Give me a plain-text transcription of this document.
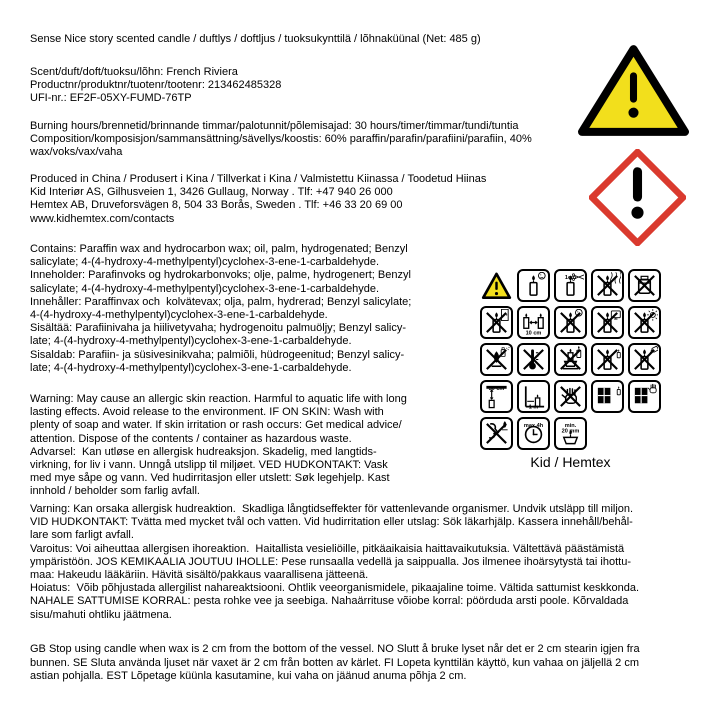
Sense Nice story scented candle / duftlys / doftljus / tuoksukynttilä / lõhnaküünal (Net: 485 g)
Scent/duft/doft/tuoksu/lõhn: French Riviera
Productnr/produktnr/tuotenr/tootenr: 213462485328
UFI-nr.: EF2F-05XY-FUMD-76TP
Burning hours/brennetid/brinnande timmar/palotunnit/põlemisajad: 30 hours/timer/timmar/tundi/tuntia
Composition/komposisjon/sammansättning/sävellys/koostis: 60% paraffin/parafin/parafiini/parafiin, 40%
wax/voks/vax/vaha
Produced in China / Produsert i Kina / Tillverkat i Kina / Valmistettu Kiinassa / Toodetud Hiinas
Kid Interiør AS, Gilhusveien 1, 3426 Gullaug, Norway . Tlf: +47 940 26 000
Hemtex AB, Druveforsvägen 8, 504 33 Borås, Sweden . Tlf: +46 33 20 69 00
www.kidhemtex.com/contacts
Contains: Paraffin wax and hydrocarbon wax; oil, palm, hydrogenated; Benzyl
salicylate; 4-(4-hydroxy-4-methylpentyl)cyclohex-3-ene-1-carbaldehyde.
Inneholder: Parafinvoks og hydrokarbonvoks; olje, palme, hydrogenert; Benzyl
salicylate; 4-(4-hydroxy-4-methylpentyl)cyclohex-3-ene-1-carbaldehyde.
Innehåller: Paraffinvax och  kolvätevax; olja, palm, hydrerad; Benzyl salicylate;
4-(4-hydroxy-4-methylpentyl)cyclohex-3-ene-1-carbaldehyde.
Sisältää: Parafiinivaha ja hiilivetyvaha; hydrogenoitu palmuöljy; Benzyl salicy-
late; 4-(4-hydroxy-4-methylpentyl)cyclohex-3-ene-1-carbaldehyde.
Sisaldab: Parafiin- ja süsivesinikvaha; palmiõli, hüdrogeenitud; Benzyl salicy-
late; 4-(4-hydroxy-4-methylpentyl)cyclohex-3-ene-1-carbaldehyde.
Warning: May cause an allergic skin reaction. Harmful to aquatic life with long
lasting effects. Avoid release to the environment. IF ON SKIN: Wash with
plenty of soap and water. If skin irritation or rash occurs: Get medical advice/
attention. Dispose of the contents / container as hazardous waste.
Advarsel:  Kan utløse en allergisk hudreaksjon. Skadelig, med langtids-
virkning, for liv i vann. Unngå utslipp til miljøet. VED HUDKONTAKT: Vask
med mye såpe og vann. Ved hudirritasjon eller utslett: Søk legehjelp. Kast
innhold / beholder som farlig avfall.
Varning: Kan orsaka allergisk hudreaktion.  Skadliga långtidseffekter för vattenlevande organismer. Undvik utsläpp till miljon.
VID HUDKONTAKT: Tvätta med mycket tvål och vatten. Vid hudirritation eller utslag: Sök läkarhjälp. Kassera innehåll/behål-
lare som farligt avfall.
Varoitus: Voi aiheuttaa allergisen ihoreaktion.  Haitallista vesieliöille, pitkäaikaisia haittavaikutuksia. Vältettävä päästämistä
ympäristöön. JOS KEMIKAALIA JOUTUU IHOLLE: Pese runsaalla vedellä ja saippualla. Jos ilmenee ihoärsytystä tai ihottu-
maa: Hakeudu lääkäriin. Hävitä sisältö/pakkaus vaarallisena jätteenä.
Hoiatus:  Võib põhjustada allergilist nahareaktsiooni. Ohtlik veeorganismidele, pikaajaline toime. Vältida sattumist keskkonda.
NAHALE SATTUMISE KORRAL: pesta rohke vee ja seebiga. Nahaärrituse võiobe korral: pöörduda arsti poole. Kõrvaldada
sisu/mahuti ohtliku jäätmena.
GB Stop using candle when wax is 2 cm from the bottom of the vessel. NO Slutt å bruke lyset når det er 2 cm stearin igjen fra
bunnen. SE Sluta använda ljuset när vaxet är 2 cm från botten av kärlet. FI Lopeta kynttilän käyttö, kun vahaa on jäljellä 2 cm
astian pohjalla. EST Lõpetage küünla kasutamine, kui vaha on jäänud anuma põhja 2 cm.
1cm
10 cm
30 cm
1 m
max 4h	min.
20 mm
Kid / Hemtex
